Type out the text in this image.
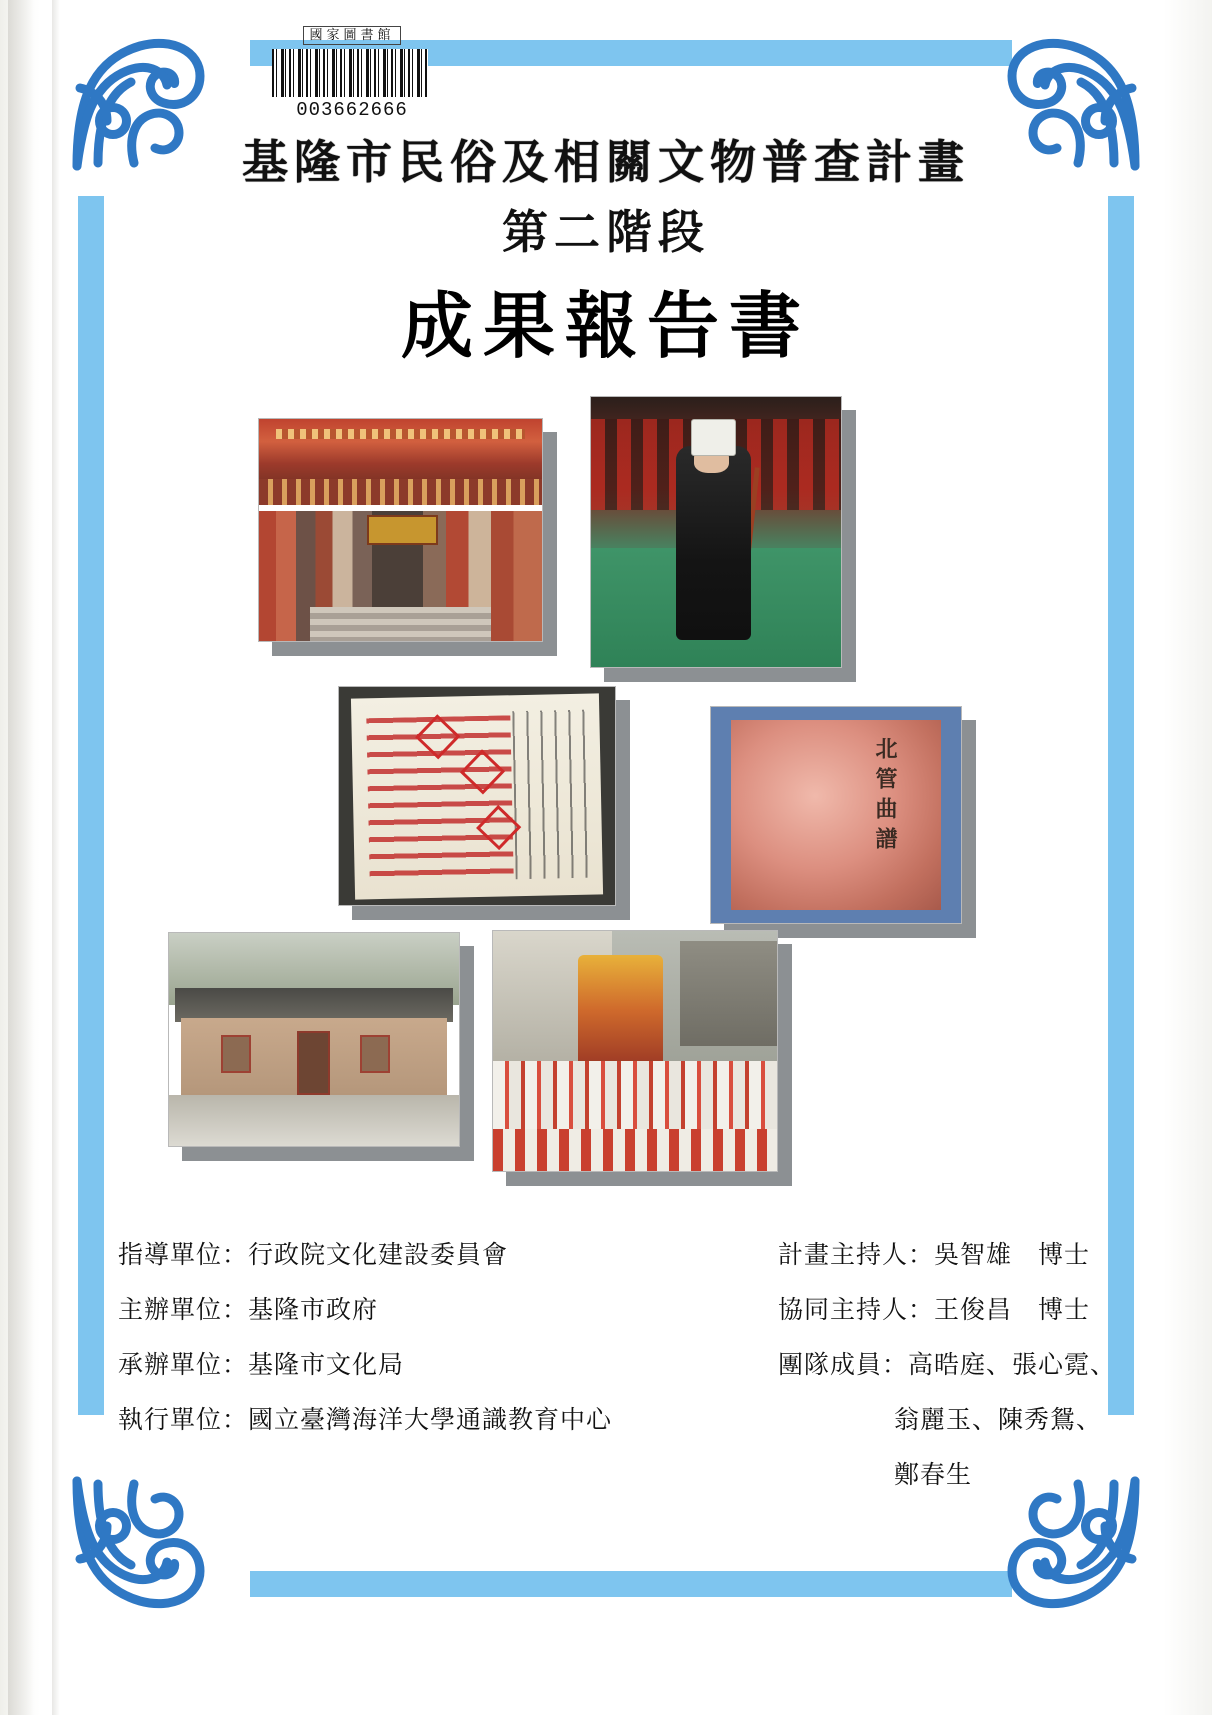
國家圖書館
003662666
基隆市民俗及相關文物普查計畫
第二階段
成果報告書
北管曲譜
指導單位：行政院文化建設委員會
主辦單位：基隆市政府
承辦單位：基隆市文化局
執行單位：國立臺灣海洋大學通識教育中心
計畫主持人：吳智雄　博士
協同主持人：王俊昌　博士
團隊成員：高晧庭、張心霓、
翁麗玉、陳秀鴛、
鄭春生
